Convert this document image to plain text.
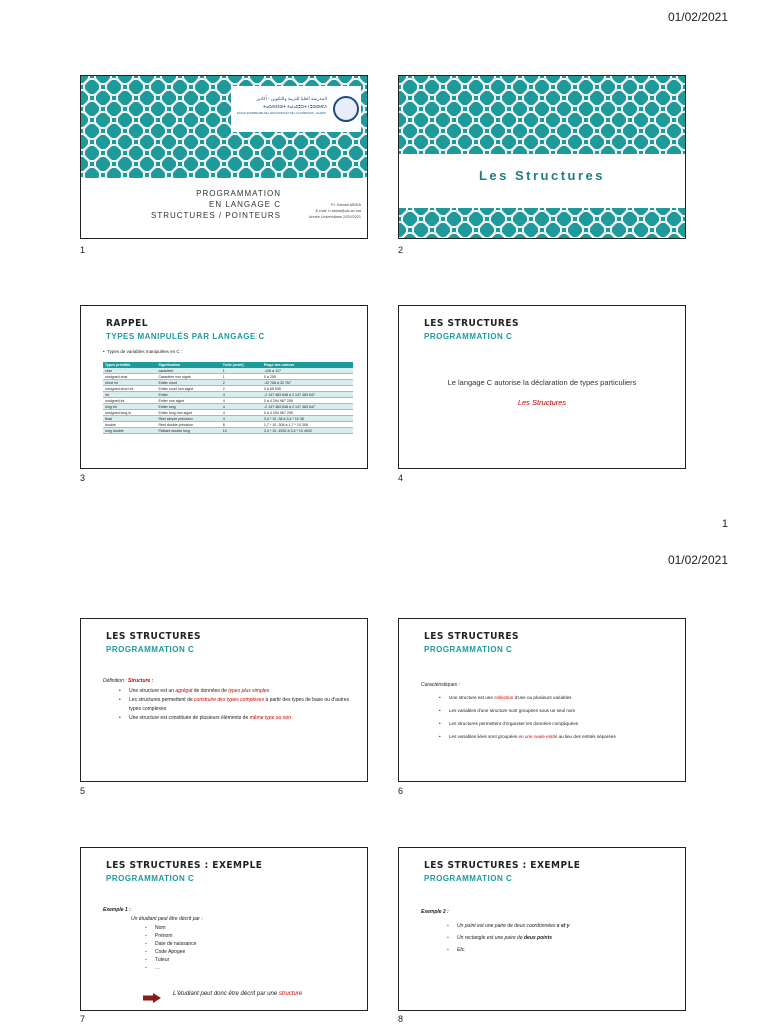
01/02/2021
المدرسة العليا للتربية والتكوين - أكادير
ⵜⴰⵙⴷⵍⵉⵙⵜ ⵜⴰⵏⴰⵎⵓⵔⵜ ⵏ ⵓⵙⵙⵍⵎⴷ
ECOLE SUPERIEURE DE L'EDUCATION ET DE LA FORMATION - AGADIR
PROGRAMMATION
EN LANGAGE C
STRUCTURES / POINTEURS
Pr. Hamza ABIDA
E-mail: h.abida@uiz.ac.ma
Année Universitaire 2020/2021
1
Les Structures
2
RAPPEL
TYPES MANIPULÉS PAR LANGAGE C
•  Types de variables manipulées en C :
Types primitifs	Signification	Taille (octet)	Plage des valeurs
char	caractère	1	-128 à 127
unsigned char	Caractère non signé	1	0 à 255
short int	Entier court	2	-32 768 à 32 767
unsigned short int	Entier court non signé	2	0 à 65 535
int	Entier	4	-2 147 483 648 à 2 147 483 647
unsigned int	Entier non signé	4	0 à 4 294 967 295
long int	Entier long	4	-2 147 483 648 à 2 147 483 647
unsigned long in	Entier long non signé	4	0 à 4 294 967 295
float	Réel simple précision	4	3,4 * 10 -38 à 3,4 * 10 38
double	Réel double précision	8	1,7 * 10 -308 à 1,7 * 10 308
long double	Flottant double long	10	3,4 * 10 -4932 à 3,4 * 10 4932
3
LES STRUCTURES
PROGRAMMATION C
Le langage C autorise la déclaration de types particuliers
Les Structures
4
1
01/02/2021
LES STRUCTURES
PROGRAMMATION C
Définition : Structure :
• Une structure est un agrégat de données de types plus simples
• Les structures permettent de construire des types complexes à partir des types de base ou d'autres types complexes
• Une structure est constituée de plusieurs éléments de même type ou non
5
LES STRUCTURES
PROGRAMMATION C
Caractéristiques :
• Une structure est une collection d'une ou plusieurs variables
• Les variables d'une structure sont groupées sous un seul nom
• Les structures permettent d'organiser les données compliquées
• Les variables liées sont groupées en une seule entité au lieu des entités séparées
6
LES STRUCTURES : EXEMPLE
PROGRAMMATION C
Exemple 1 :
Un étudiant peut être décrit par :
▪ Nom
▪ Prénom
▪ Date de naissance
▪ Code Apogee
▪ Tuteur
▪ …
L'étudiant peut donc être décrit par une structure
7
LES STRUCTURES : EXEMPLE
PROGRAMMATION C
Exemple 2 :
▪ Un point est une paire de deux coordonnées x et y
▪ Un rectangle est une paire de deux points
▪ Etc.
8
